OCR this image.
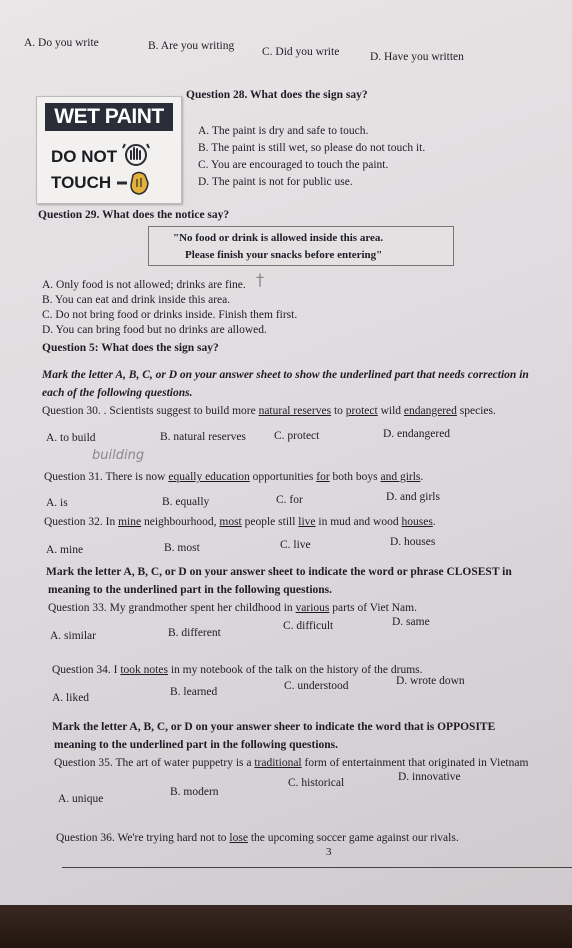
A. Do you write	B. Are you writing C. Did you write	D. Have you written
Question 28. What does the sign say?
WET PAINT
DO NOT
TOUCH
A. The paint is dry and safe to touch.
B. The paint is still wet, so please do not touch it.
C. You are encouraged to touch the paint.
D. The paint is not for public use.
Question 29. What does the notice say?
"No food or drink is allowed inside this area.
Please finish your snacks before entering"
A. Only food is not allowed; drinks are fine. †
B. You can eat and drink inside this area.
C. Do not bring food or drinks inside. Finish them first.
D. You can bring food but no drinks are allowed.
Question 5: What does the sign say?
Mark the letter A, B, C, or D on your answer sheet to show the underlined part that needs correction in
each of the following questions.
Question 30. . Scientists suggest to build more natural reserves to protect wild endangered species.
A. to build	B. natural reserves C. protect	D. endangered
building
Question 31. There is now equally education opportunities for both boys and girls.
A. is	B. equally	C. for	D. and girls
Question 32. In mine neighbourhood, most people still live in mud and wood houses.
A. mine	B. most	C. live	D. houses
Mark the letter A, B, C, or D on your answer sheet to indicate the word or phrase CLOSEST in
meaning to the underlined part in the following questions.
Question 33. My grandmother spent her childhood in various parts of Viet Nam.
A. similar	B. different
C. difficult	D. same
Question 34. I took notes in my notebook of the talk on the history of the drums.
A. liked	B. learned	C. understood	D. wrote down
Mark the letter A, B, C, or D on your answer sheer to indicate the word that is OPPOSITE
meaning to the underlined part in the following questions.
Question 35. The art of water puppetry is a traditional form of entertainment that originated in Vietnam
A. unique
B. modern
C. historical	D. innovative
Question 36. We're trying hard not to lose the upcoming soccer game against our rivals.
3
